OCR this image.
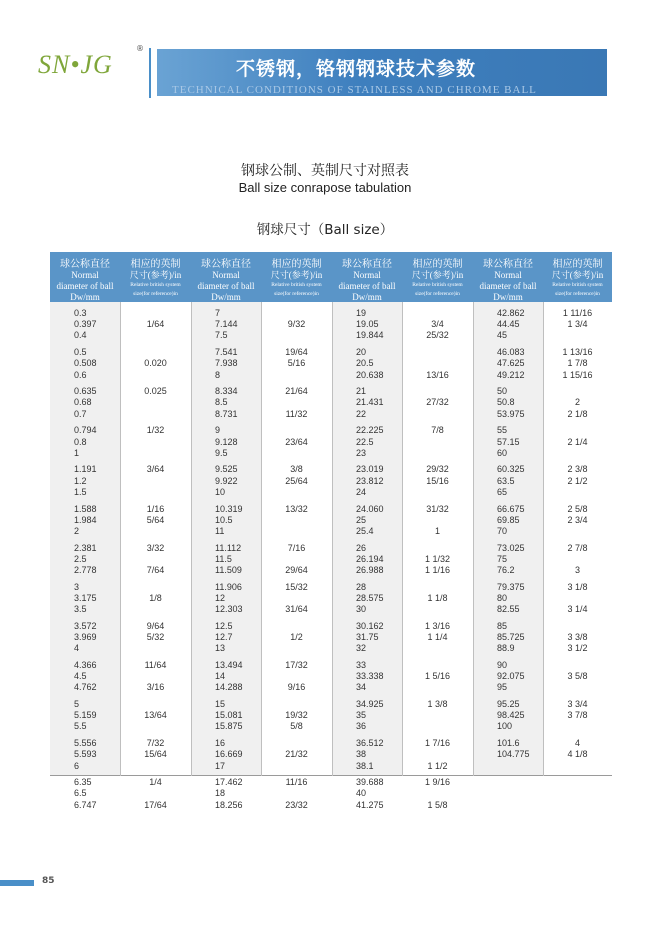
SN•JG
®
不锈钢，铬钢钢球技术参数
TECHNICAL CONDITIONS OF STAINLESS AND CHROME BALL
钢球公制、英制尺寸对照表
Ball size conrapose tabulation
钢球尺寸（Ball size）
球公称直径
Normal
diameter of ball
Dw/mm
0.3
0.397
0.4
0.5
0.508
0.6
0.635
0.68
0.7
0.794
0.8
1
1.191
1.2
1.5
1.588
1.984
2
2.381
2.5
2.778
3
3.175
3.5
3.572
3.969
4
4.366
4.5
4.762
5
5.159
5.5
5.556
5.593
6
6.35
6.5
6.747
相应的英制
尺寸(参考)/in
Relative british system
size(for reference)in
1/64
0.020
0.025
1/32
3/64
1/16
5/64
3/32
7/64
1/8
9/64
5/32
11/64
3/16
13/64
7/32
15/64
1/4
17/64
球公称直径
Normal
diameter of ball
Dw/mm
7
7.144
7.5
7.541
7.938
8
8.334
8.5
8.731
9
9.128
9.5
9.525
9.922
10
10.319
10.5
11
11.112
11.5
11.509
11.906
12
12.303
12.5
12.7
13
13.494
14
14.288
15
15.081
15.875
16
16.669
17
17.462
18
18.256
相应的英制
尺寸(参考)/in
Relative british system
size(for reference)in
9/32
19/64
5/16
21/64
11/32
23/64
3/8
25/64
13/32
7/16
29/64
15/32
31/64
1/2
17/32
9/16
19/32
5/8
21/32
11/16
23/32
球公称直径
Normal
diameter of ball
Dw/mm
19
19.05
19.844
20
20.5
20.638
21
21.431
22
22.225
22.5
23
23.019
23.812
24
24.060
25
25.4
26
26.194
26.988
28
28.575
30
30.162
31.75
32
33
33.338
34
34.925
35
36
36.512
38
38.1
39.688
40
41.275
相应的英制
尺寸(参考)/in
Relative british system
size(for reference)in
3/4
25/32
13/16
27/32
7/8
29/32
15/16
31/32
1
1 1/32
1 1/16
1 1/8
1 3/16
1 1/4
1 5/16
1 3/8
1 7/16
1 1/2
1 9/16
1 5/8
球公称直径
Normal
diameter of ball
Dw/mm
42.862
44.45
45
46.083
47.625
49.212
50
50.8
53.975
55
57.15
60
60.325
63.5
65
66.675
69.85
70
73.025
75
76.2
79.375
80
82.55
85
85.725
88.9
90
92.075
95
95.25
98.425
100
101.6
104.775
相应的英制
尺寸(参考)/in
Relative british system
size(for reference)in
1 11/16
1 3/4
1 13/16
1 7/8
1 15/16
2
2 1/8
2 1/4
2 3/8
2 1/2
2 5/8
2 3/4
2 7/8
3
3 1/8
3 1/4
3 3/8
3 1/2
3 5/8
3 3/4
3 7/8
4
4 1/8
85
